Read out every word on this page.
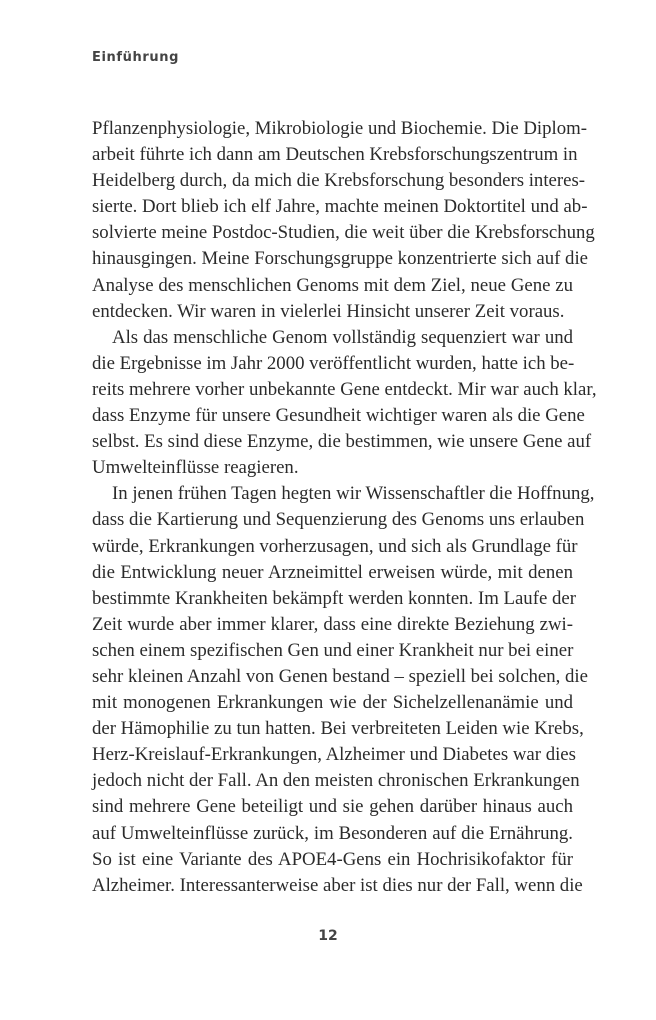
Einführung
Pflanzenphysiologie, Mikrobiologie und Biochemie. Die Diplom-
arbeit führte ich dann am Deutschen Krebsforschungszentrum in
Heidelberg durch, da mich die Krebsforschung besonders interes-
sierte. Dort blieb ich elf Jahre, machte meinen Doktortitel und ab-
solvierte meine Postdoc-Studien, die weit über die Krebsforschung
hinausgingen. Meine Forschungsgruppe konzentrierte sich auf die
Analyse des menschlichen Genoms mit dem Ziel, neue Gene zu
entdecken. Wir waren in vielerlei Hinsicht unserer Zeit voraus.
Als das menschliche Genom vollständig sequenziert war und
die Ergebnisse im Jahr 2000 veröffentlicht wurden, hatte ich be-
reits mehrere vorher unbekannte Gene entdeckt. Mir war auch klar,
dass Enzyme für unsere Gesundheit wichtiger waren als die Gene
selbst. Es sind diese Enzyme, die bestimmen, wie unsere Gene auf
Umwelteinflüsse reagieren.
In jenen frühen Tagen hegten wir Wissenschaftler die Hoffnung,
dass die Kartierung und Sequenzierung des Genoms uns erlauben
würde, Erkrankungen vorherzusagen, und sich als Grundlage für
die Entwicklung neuer Arzneimittel erweisen würde, mit denen
bestimmte Krankheiten bekämpft werden konnten. Im Laufe der
Zeit wurde aber immer klarer, dass eine direkte Beziehung zwi-
schen einem spezifischen Gen und einer Krankheit nur bei einer
sehr kleinen Anzahl von Genen bestand – speziell bei solchen, die
mit monogenen Erkrankungen wie der Sichelzellenanämie und
der Hämophilie zu tun hatten. Bei verbreiteten Leiden wie Krebs,
Herz-Kreislauf-Erkrankungen, Alzheimer und Diabetes war dies
jedoch nicht der Fall. An den meisten chronischen Erkrankungen
sind mehrere Gene beteiligt und sie gehen darüber hinaus auch
auf Umwelteinflüsse zurück, im Besonderen auf die Ernährung.
So ist eine Variante des APOE4-Gens ein Hochrisikofaktor für
Alzheimer. Interessanterweise aber ist dies nur der Fall, wenn die
12
